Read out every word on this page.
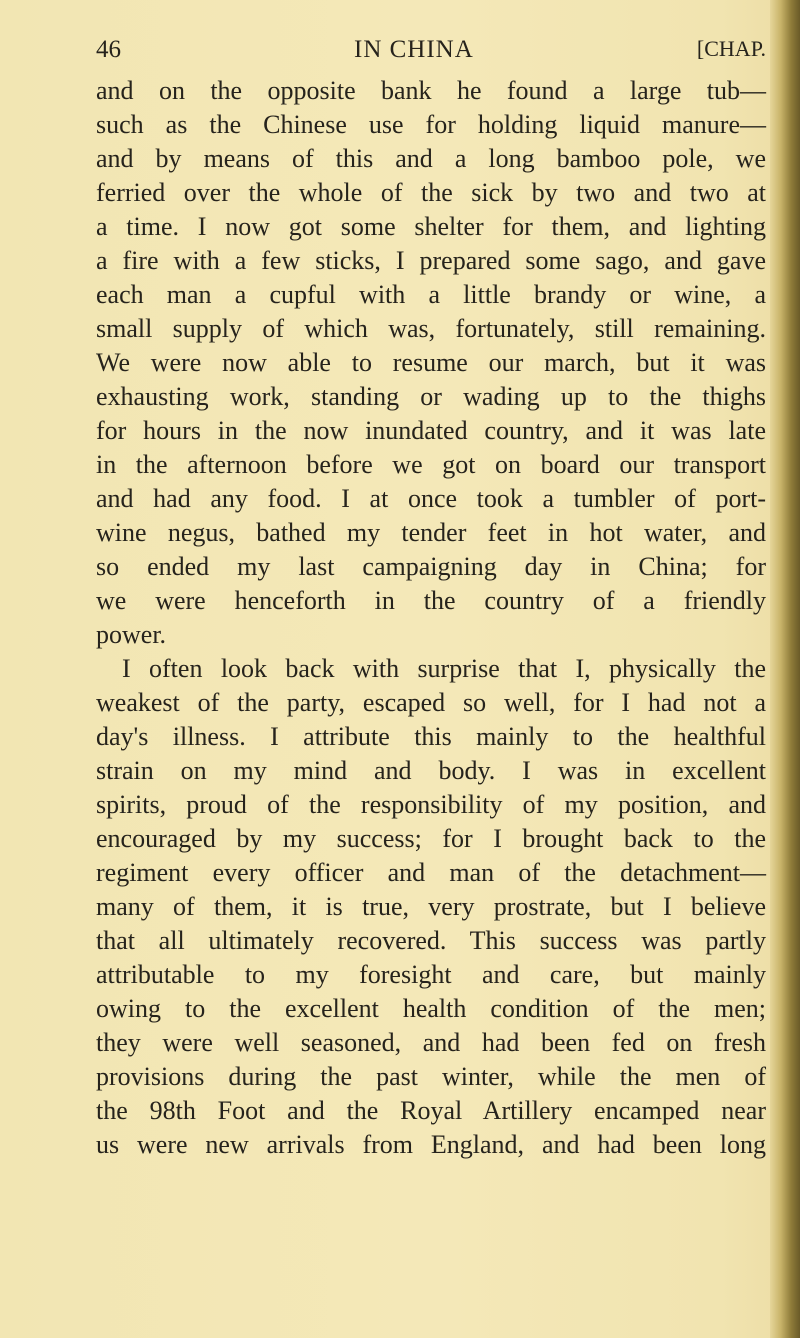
46	IN CHINA	[CHAP.
and on the opposite bank he found a large tub—
such as the Chinese use for holding liquid manure—
and by means of this and a long bamboo pole, we
ferried over the whole of the sick by two and two at
a time. I now got some shelter for them, and lighting
a fire with a few sticks, I prepared some sago, and gave
each man a cupful with a little brandy or wine, a
small supply of which was, fortunately, still remaining.
We were now able to resume our march, but it was
exhausting work, standing or wading up to the thighs
for hours in the now inundated country, and it was late
in the afternoon before we got on board our transport
and had any food. I at once took a tumbler of port-
wine negus, bathed my tender feet in hot water, and
so ended my last campaigning day in China; for
we were henceforth in the country of a friendly
power.
I often look back with surprise that I, physically the
weakest of the party, escaped so well, for I had not a
day's illness. I attribute this mainly to the healthful
strain on my mind and body. I was in excellent
spirits, proud of the responsibility of my position, and
encouraged by my success; for I brought back to the
regiment every officer and man of the detachment—
many of them, it is true, very prostrate, but I believe
that all ultimately recovered. This success was partly
attributable to my foresight and care, but mainly
owing to the excellent health condition of the men;
they were well seasoned, and had been fed on fresh
provisions during the past winter, while the men of
the 98th Foot and the Royal Artillery encamped near
us were new arrivals from England, and had been long
